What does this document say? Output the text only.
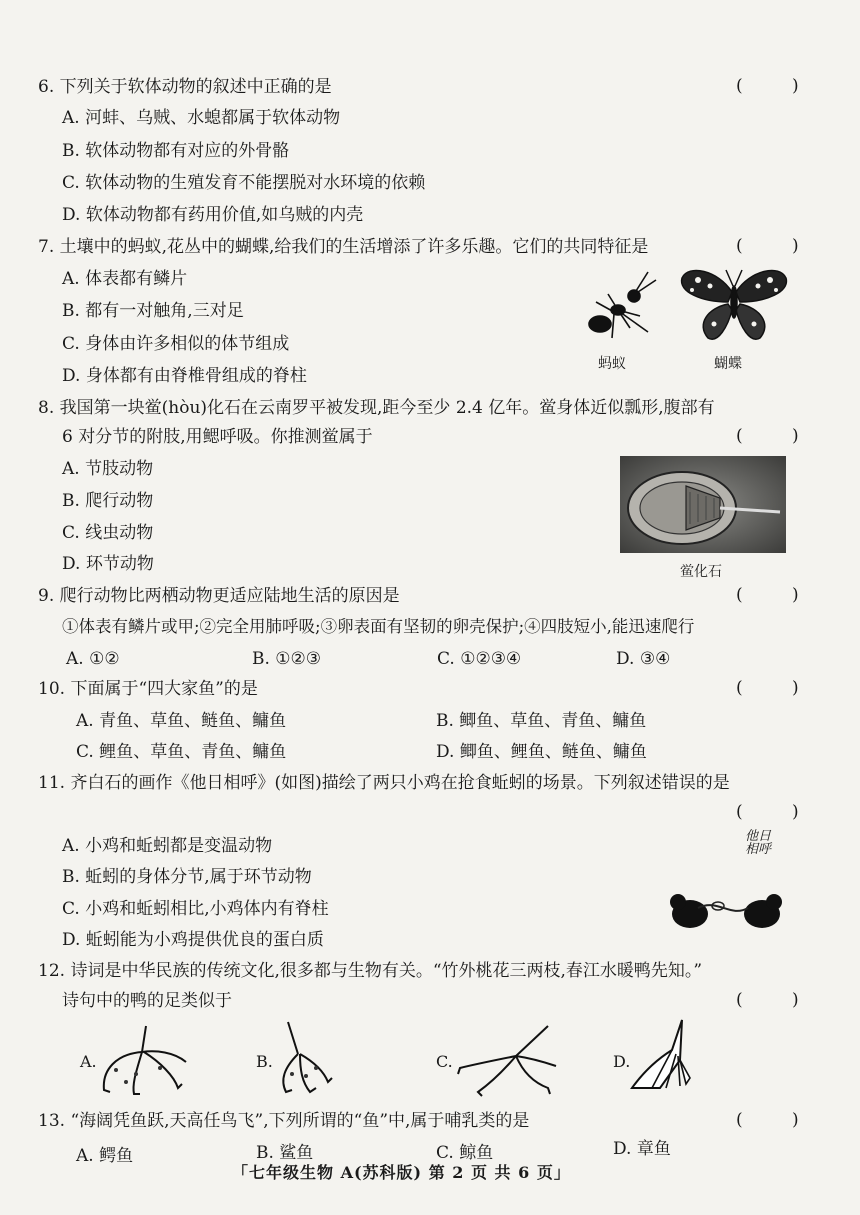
6. 下列关于软体动物的叙述中正确的是	( )
A. 河蚌、乌贼、水螅都属于软体动物
B. 软体动物都有对应的外骨骼
C. 软体动物的生殖发育不能摆脱对水环境的依赖
D. 软体动物都有药用价值,如乌贼的内壳
7. 土壤中的蚂蚁,花丛中的蝴蝶,给我们的生活增添了许多乐趣。它们的共同特征是	( )
A. 体表都有鳞片
B. 都有一对触角,三对足
C. 身体由许多相似的体节组成
D. 身体都有由脊椎骨组成的脊柱
蚂蚁	蝴蝶
8. 我国第一块鲎(hòu)化石在云南罗平被发现,距今至少 2.4 亿年。鲎身体近似瓢形,腹部有
6 对分节的附肢,用鳃呼吸。你推测鲎属于	( )
A. 节肢动物
B. 爬行动物
C. 线虫动物
D. 环节动物	鲎化石
9. 爬行动物比两栖动物更适应陆地生活的原因是	( )
①体表有鳞片或甲;②完全用肺呼吸;③卵表面有坚韧的卵壳保护;④四肢短小,能迅速爬行
A. ①②	B. ①②③	C. ①②③④	D. ③④
10. 下面属于“四大家鱼”的是	( )
A. 青鱼、草鱼、鲢鱼、鳙鱼	B. 鲫鱼、草鱼、青鱼、鳙鱼
C. 鲤鱼、草鱼、青鱼、鳙鱼	D. 鲫鱼、鲤鱼、鲢鱼、鳙鱼
11. 齐白石的画作《他日相呼》(如图)描绘了两只小鸡在抢食蚯蚓的场景。下列叙述错误的是
( )
A. 小鸡和蚯蚓都是变温动物
B. 蚯蚓的身体分节,属于环节动物
C. 小鸡和蚯蚓相比,小鸡体内有脊柱
D. 蚯蚓能为小鸡提供优良的蛋白质
他日相呼
12. 诗词是中华民族的传统文化,很多都与生物有关。“竹外桃花三两枝,春江水暖鸭先知。”
诗句中的鸭的足类似于	( )
A.	B.	C.	D.
13. “海阔凭鱼跃,天高任鸟飞”,下列所谓的“鱼”中,属于哺乳类的是	( )
A. 鳄鱼	B. 鲨鱼	C. 鲸鱼	D. 章鱼
「七年级生物 A(苏科版) 第 2 页 共 6 页」
